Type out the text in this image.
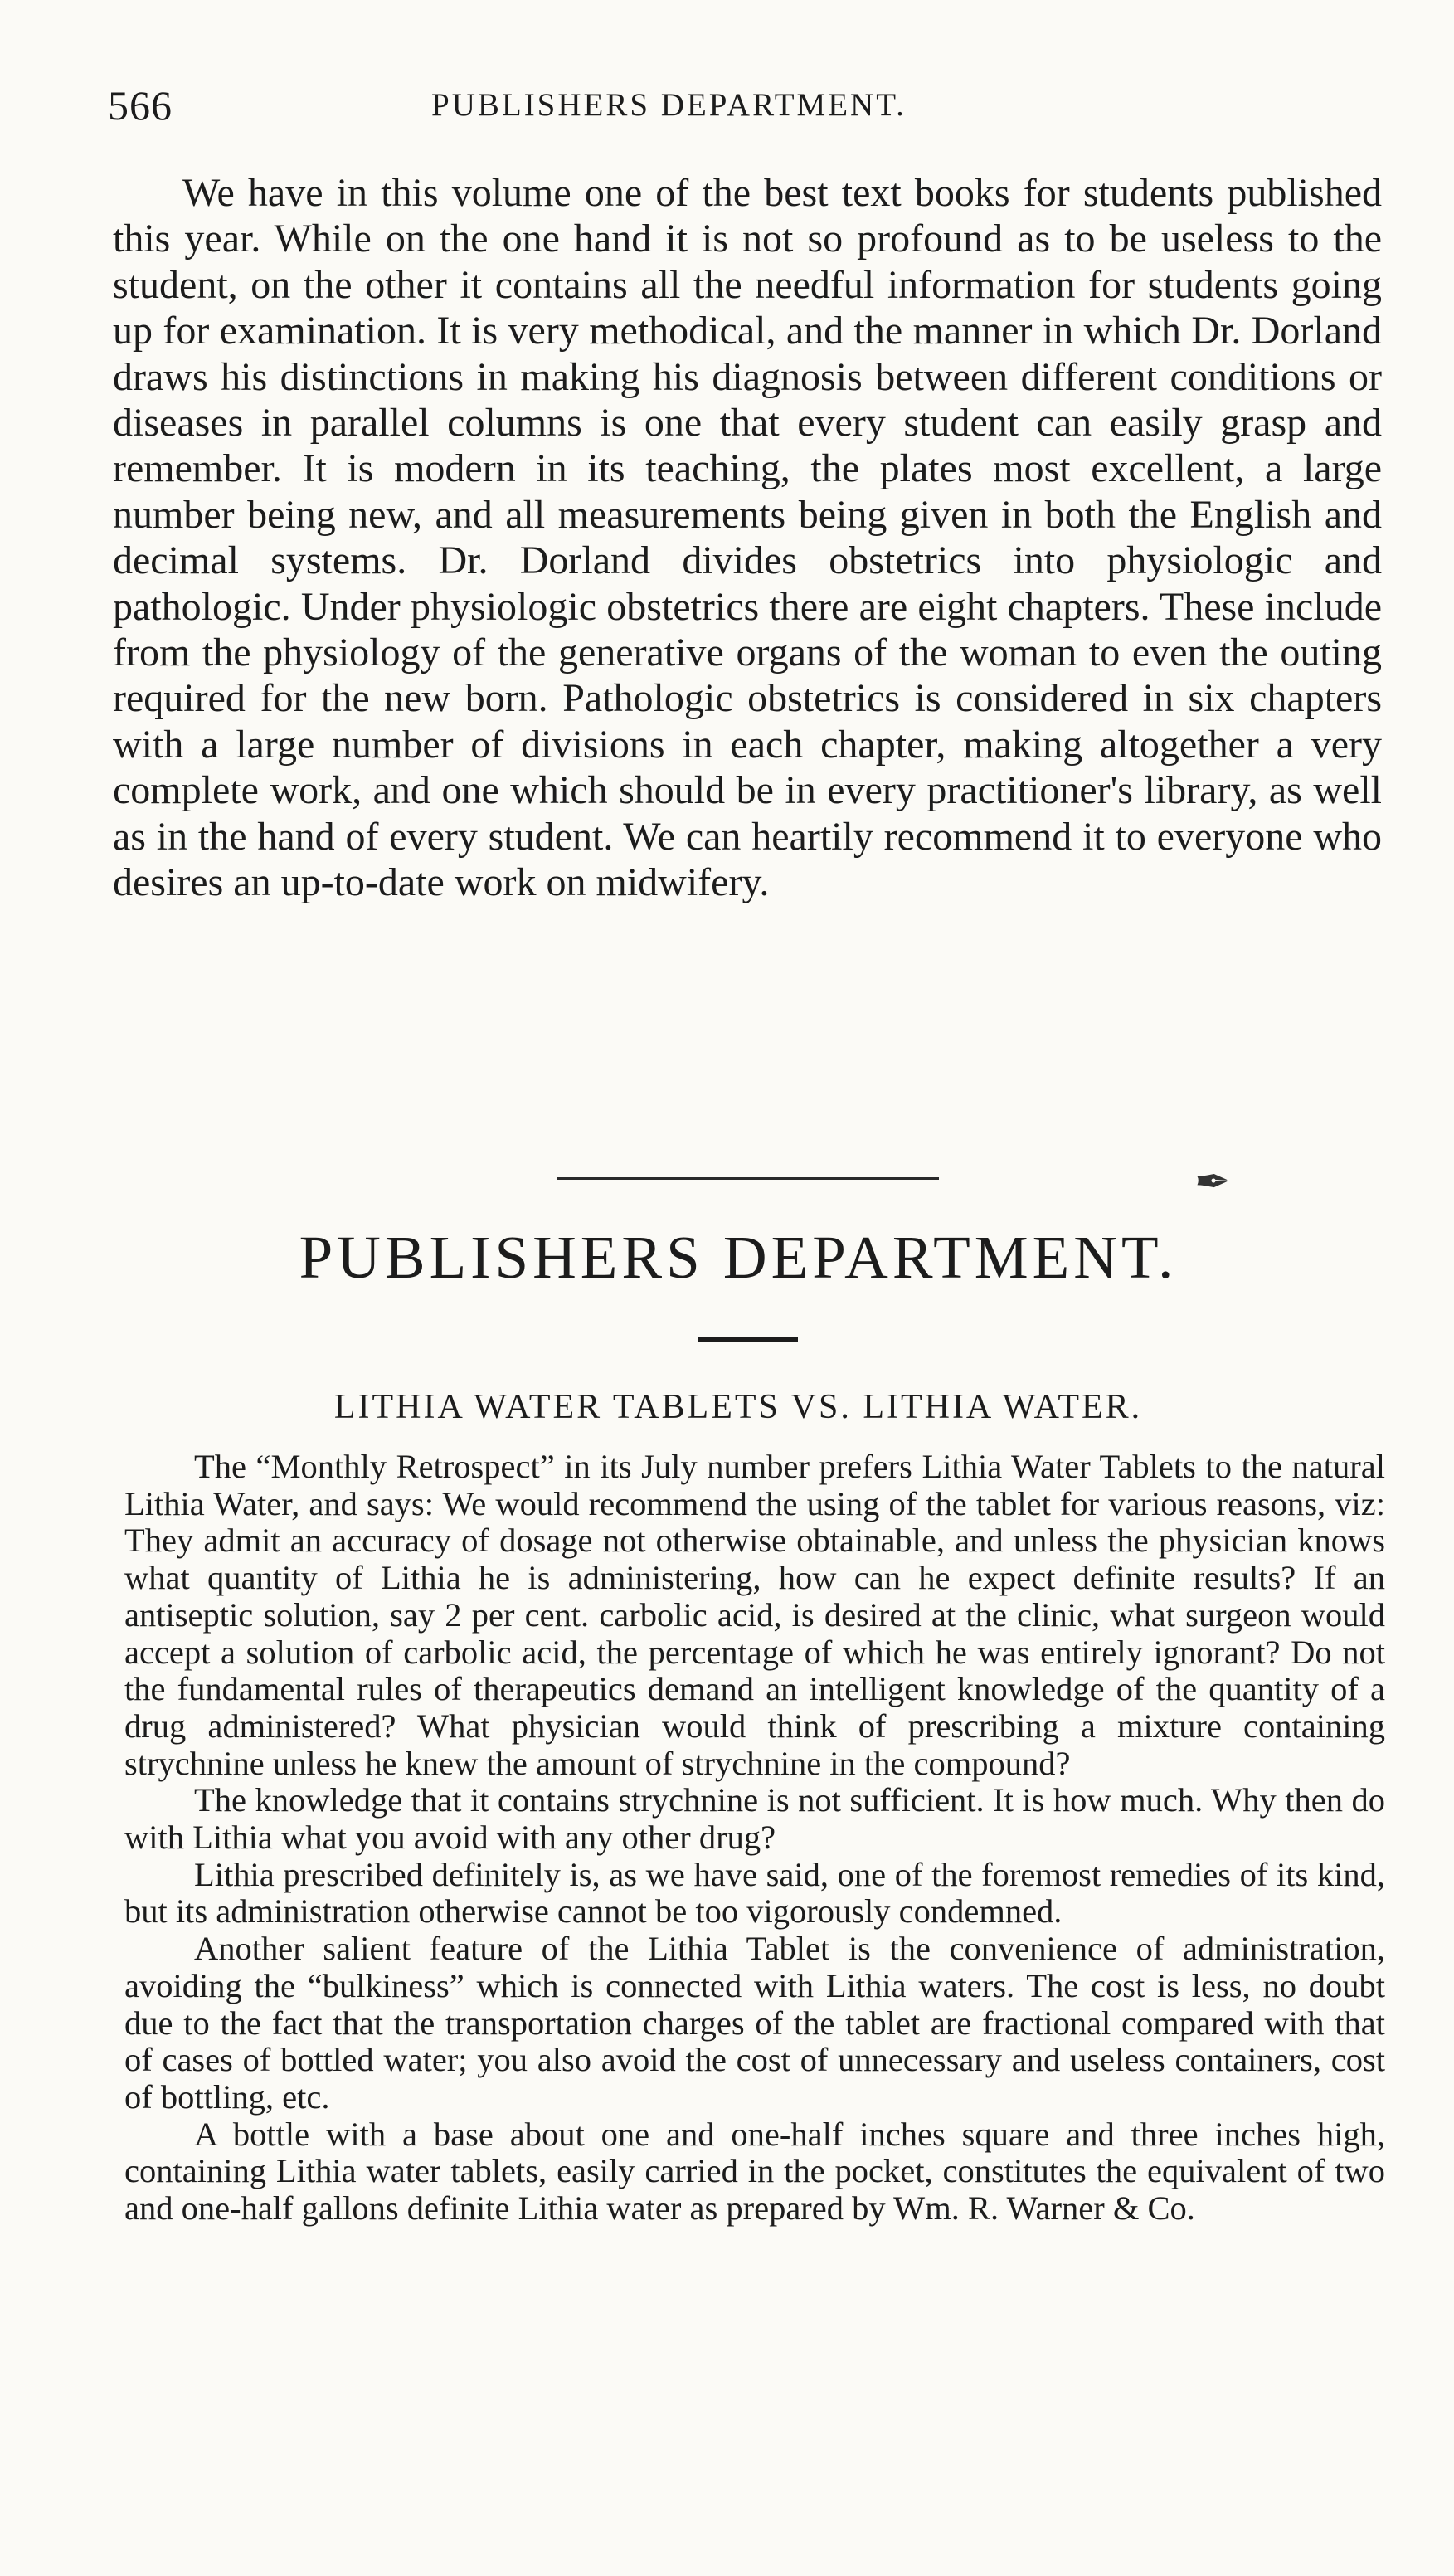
566	PUBLISHERS DEPARTMENT.

We have in this volume one of the best text books for students published this year. While on the one hand it is not so profound as to be useless to the student, on the other it contains all the needful information for students going up for examination. It is very methodical, and the manner in which Dr. Dorland draws his distinctions in making his diagnosis between different conditions or diseases in parallel columns is one that every student can easily grasp and remember. It is modern in its teaching, the plates most excellent, a large number being new, and all measurements being given in both the English and decimal systems. Dr. Dorland divides obstetrics into physiologic and pathologic. Under physiologic obstetrics there are eight chapters. These include from the physiology of the generative organs of the woman to even the outing required for the new born. Pathologic obstetrics is considered in six chapters with a large number of divisions in each chapter, making altogether a very complete work, and one which should be in every practitioner's library, as well as in the hand of every student. We can heartily recommend it to everyone who desires an up-to-date work on midwifery.

✒
PUBLISHERS DEPARTMENT.
LITHIA WATER TABLETS VS. LITHIA WATER.

The “Monthly Retrospect” in its July number prefers Lithia Water Tablets to the natural Lithia Water, and says: We would recommend the using of the tablet for various reasons, viz: They admit an accuracy of dosage not otherwise obtainable, and unless the physician knows what quantity of Lithia he is administering, how can he expect definite results? If an antiseptic solution, say 2 per cent. carbolic acid, is desired at the clinic, what surgeon would accept a solution of carbolic acid, the percentage of which he was entirely ignorant? Do not the fundamental rules of therapeutics demand an intelligent knowledge of the quantity of a drug administered? What physician would think of prescribing a mixture containing strychnine unless he knew the amount of strychnine in the compound?

The knowledge that it contains strychnine is not sufficient. It is how much. Why then do with Lithia what you avoid with any other drug?

Lithia prescribed definitely is, as we have said, one of the foremost remedies of its kind, but its administration otherwise cannot be too vigorously condemned.

Another salient feature of the Lithia Tablet is the convenience of administration, avoiding the “bulkiness” which is connected with Lithia waters. The cost is less, no doubt due to the fact that the transportation charges of the tablet are fractional compared with that of cases of bottled water; you also avoid the cost of unnecessary and useless containers, cost of bottling, etc.

A bottle with a base about one and one-half inches square and three inches high, containing Lithia water tablets, easily carried in the pocket, constitutes the equivalent of two and one-half gallons definite Lithia water as prepared by Wm. R. Warner & Co.
